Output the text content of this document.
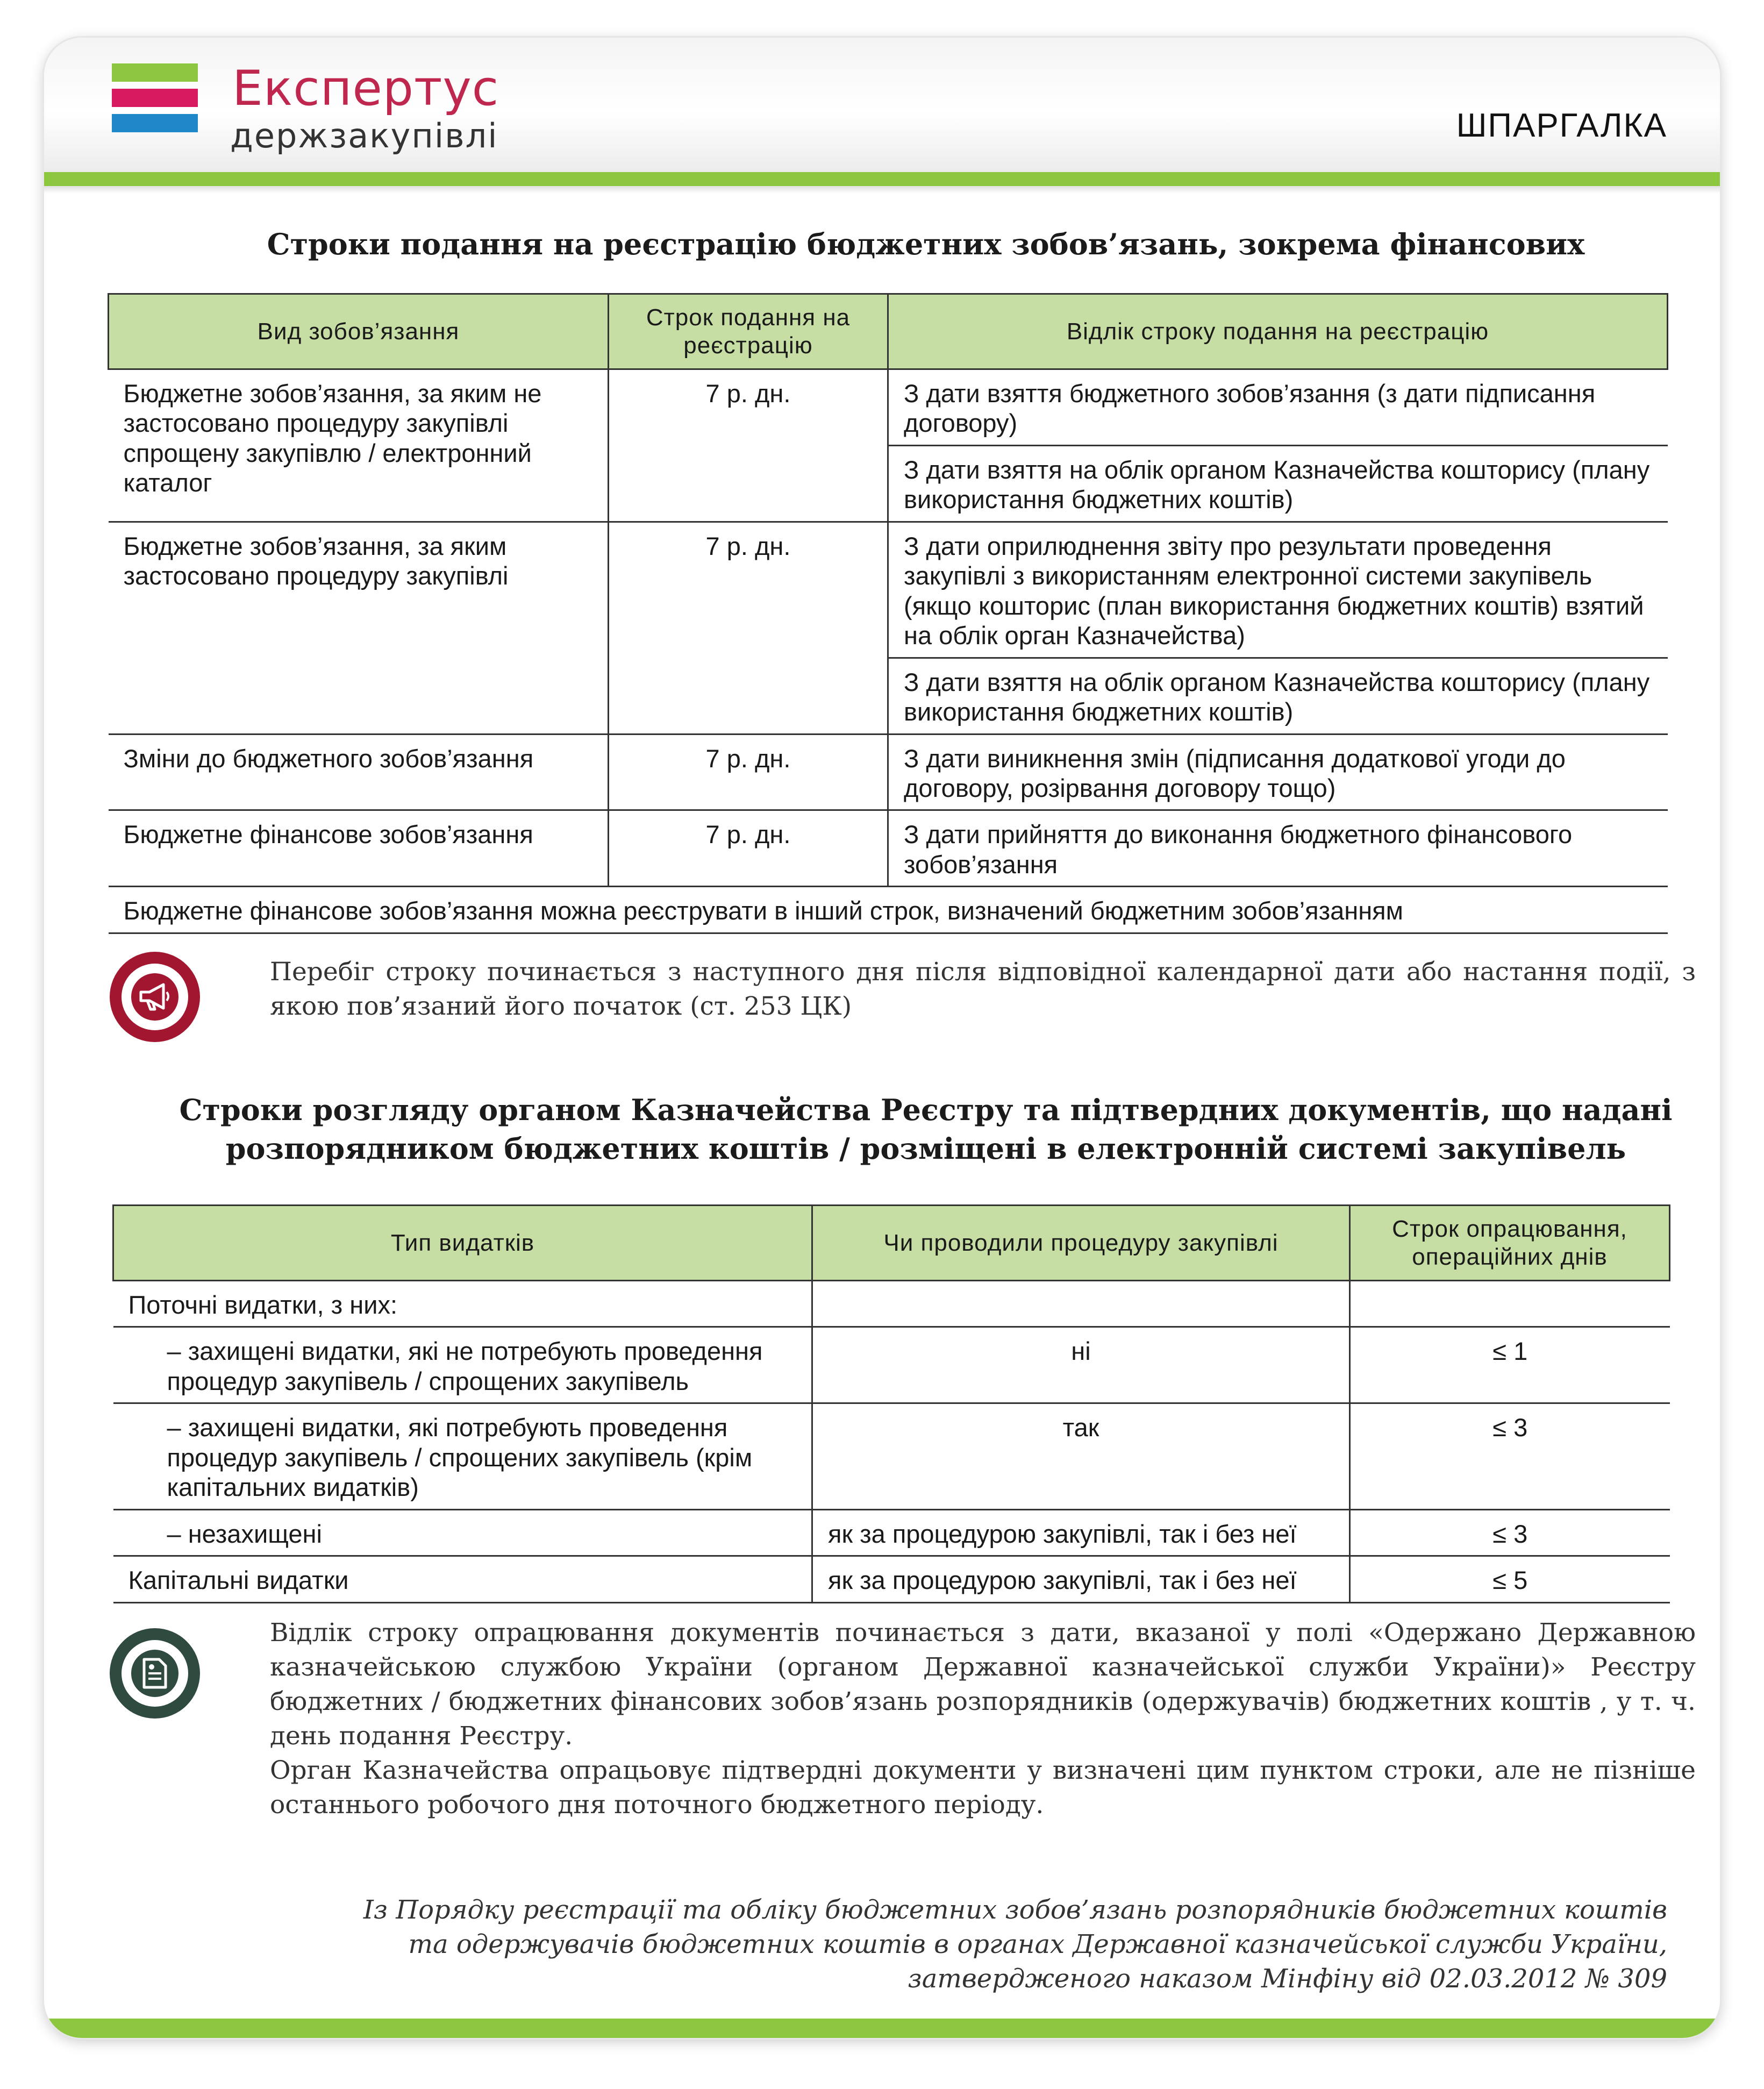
Експертус
держзакупівлі	ШПАРГАЛКА
Строки подання на реєстрацію бюджетних зобов’язань, зокрема фінансових
Вид зобов’язання	Строк подання на реєстрацію	Відлік строку подання на реєстрацію
Бюджетне зобов’язання, за яким не застосовано процедуру закупівлі спрощену закупівлю / електронний каталог	7 р. дн.	З дати взяття бюджетного зобов’язання (з дати підписання договору)
		З дати взяття на облік органом Казначейства кошторису (плану використання бюджетних коштів)
Бюджетне зобов’язання, за яким застосовано процедуру закупівлі	7 р. дн.	З дати оприлюднення звіту про результати проведення закупівлі з використанням електронної системи закупівель (якщо кошторис (план використання бюджетних коштів) взятий на облік орган Казначейства)
		З дати взяття на облік органом Казначейства кошторису (плану використання бюджетних коштів)
Зміни до бюджетного зобов’язання	7 р. дн.	З дати виникнення змін (підписання додаткової угоди до договору, розірвання договору тощо)
Бюджетне фінансове зобов’язання	7 р. дн.	З дати прийняття до виконання бюджетного фінансового зобов’язання
Бюджетне фінансове зобов’язання можна реєструвати в інший строк, визначений бюджетним зобов’язанням		
Перебіг строку починається з наступного дня після відповідної календарної дати або настання події, з якою пов’язаний його початок (ст. 253 ЦК)
Строки розгляду органом Казначейства Реєстру та підтвердних документів, що надані
розпорядником бюджетних коштів / розміщені в електронній системі закупівель
Тип видатків	Чи проводили процедуру закупівлі	Строк опрацювання, операційних днів
Поточні видатки, з них:		
– захищені видатки, які не потребують проведення процедур закупівель / спрощених закупівель	ні	≤ 1
– захищені видатки, які потребують проведення процедур закупівель / спрощених закупівель (крім капітальних видатків)	так	≤ 3
– незахищені	як за процедурою закупівлі, так і без неї	≤ 3
Капітальні видатки	як за процедурою закупівлі, так і без неї	≤ 5
Відлік строку опрацювання документів починається з дати, вказаної у полі «Одержано Державною казначейською службою України (органом Державної казначейської служби України)» Реєстру бюджетних / бюджетних фінансових зобов’язань розпорядників (одержувачів) бюджетних коштів , у т. ч. день подання Реєстру.
Орган Казначейства опрацьовує підтвердні документи у визначені цим пунктом строки, але не пізніше останнього робочого дня поточного бюджетного періоду.
Із Порядку реєстрації та обліку бюджетних зобов’язань розпорядників бюджетних коштів
та одержувачів бюджетних коштів в органах Державної казначейської служби України,
затвердженого наказом Мінфіну від 02.03.2012 № 309
